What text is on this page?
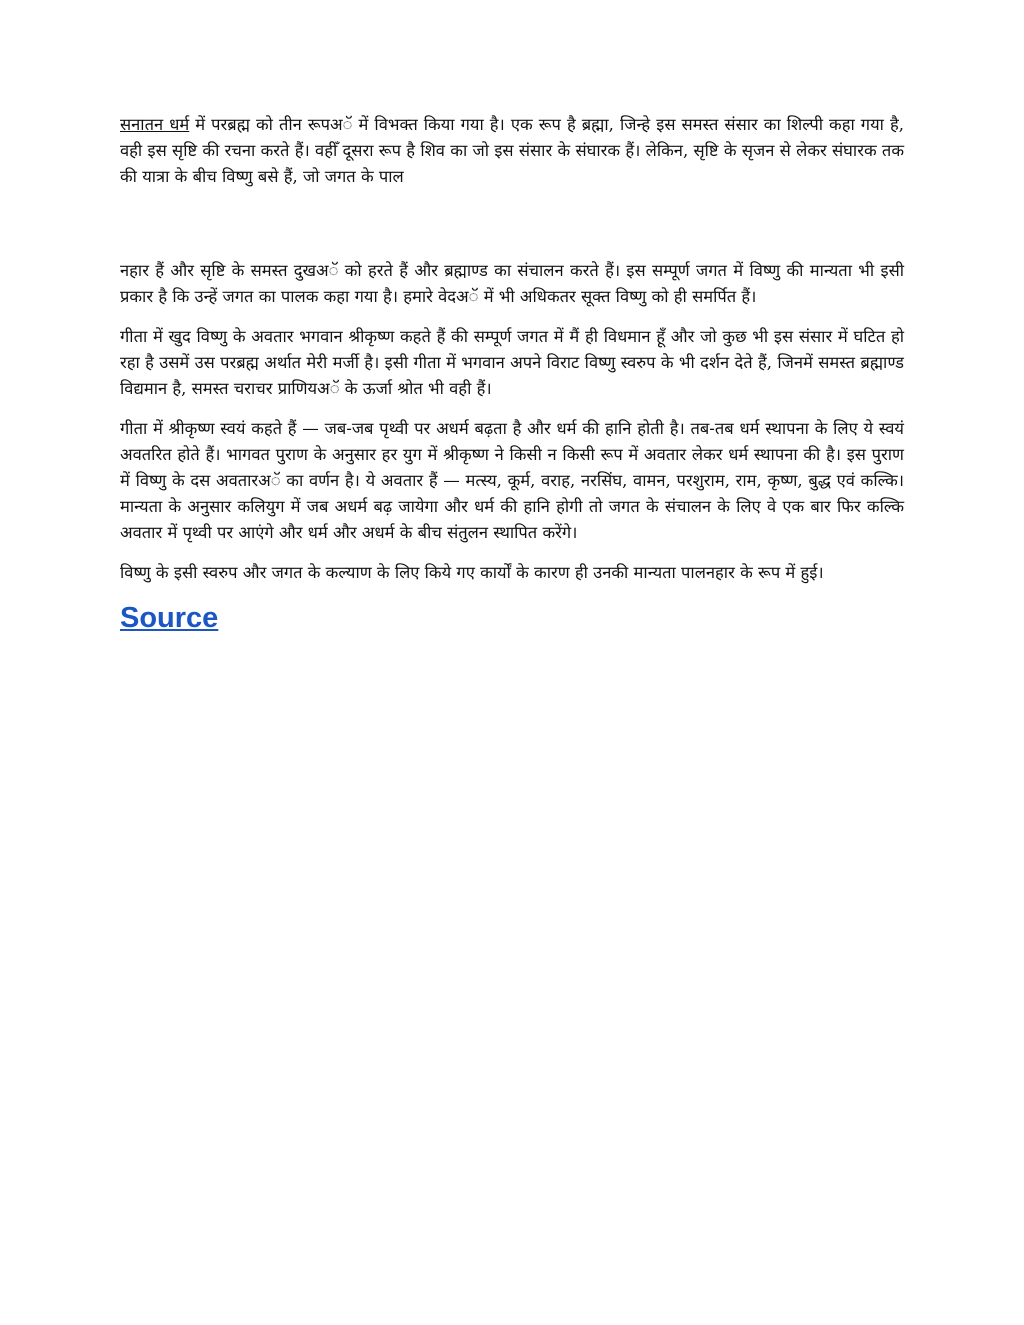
सनातन धर्म में परब्रह्म को तीन रूपअॅ में विभक्त किया गया है। एक रूप है ब्रह्मा, जिन्हे इस समस्त संसार का शिल्पी कहा गया है, वही इस सृष्टि की रचना करते हैं। वहीँ दूसरा रूप है शिव का जो इस संसार के संघारक हैं। लेकिन, सृष्टि के सृजन से लेकर संघारक तक की यात्रा के बीच विष्णु बसे हैं, जो जगत के पाल

नहार हैं और सृष्टि के समस्त दुखअॅ को हरते हैं और ब्रह्माण्ड का संचालन करते हैं। इस सम्पूर्ण जगत में विष्णु की मान्यता भी इसी प्रकार है कि उन्हें जगत का पालक कहा गया है। हमारे वेदअॅ में भी अधिकतर सूक्त विष्णु को ही समर्पित हैं।

गीता में खुद विष्णु के अवतार भगवान श्रीकृष्ण कहते हैं की सम्पूर्ण जगत में मैं ही विधमान हूँ और जो कुछ भी इस संसार में घटित हो रहा है उसमें उस परब्रह्म अर्थात मेरी मर्जी है। इसी गीता में भगवान अपने विराट विष्णु स्वरुप के भी दर्शन देते हैं, जिनमें समस्त ब्रह्माण्ड विद्यमान है, समस्त चराचर प्राणियअॅ के ऊर्जा श्रोत भी वही हैं।

गीता में श्रीकृष्ण स्वयं कहते हैं — जब-जब पृथ्वी पर अधर्म बढ़ता है और धर्म की हानि होती है। तब-तब धर्म स्थापना के लिए ये स्वयं अवतरित होते हैं। भागवत पुराण के अनुसार हर युग में श्रीकृष्ण ने किसी न किसी रूप में अवतार लेकर धर्म स्थापना की है। इस पुराण में विष्णु के दस अवतारअॅ का वर्णन है। ये अवतार हैं — मत्स्य, कूर्म, वराह, नरसिंघ, वामन, परशुराम, राम, कृष्ण, बुद्ध एवं कल्कि। मान्यता के अनुसार कलियुग में जब अधर्म बढ़ जायेगा और धर्म की हानि होगी तो जगत के संचालन के लिए वे एक बार फिर कल्कि अवतार में पृथ्वी पर आएंगे और धर्म और अधर्म के बीच संतुलन स्थापित करेंगे।

विष्णु के इसी स्वरुप और जगत के कल्याण के लिए किये गए कार्यों के कारण ही उनकी मान्यता पालनहार के रूप में हुई।

Source
